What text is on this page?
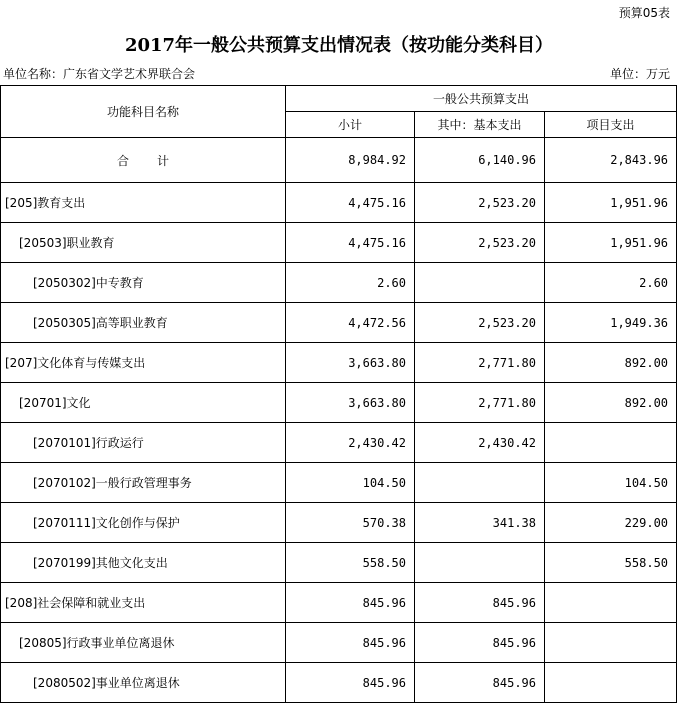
预算05表
2017年一般公共预算支出情况表（按功能分类科目）
单位名称：广东省文学艺术界联合会	单位：万元
功能科目名称	一般公共预算支出		
	小计	其中：基本支出	项目支出
合计	8,984.92	6,140.96	2,843.96
[205]教育支出	4,475.16	2,523.20	1,951.96
[20503]职业教育	4,475.16	2,523.20	1,951.96
[2050302]中专教育	2.60		2.60
[2050305]高等职业教育	4,472.56	2,523.20	1,949.36
[207]文化体育与传媒支出	3,663.80	2,771.80	892.00
[20701]文化	3,663.80	2,771.80	892.00
[2070101]行政运行	2,430.42	2,430.42	
[2070102]一般行政管理事务	104.50		104.50
[2070111]文化创作与保护	570.38	341.38	229.00
[2070199]其他文化支出	558.50		558.50
[208]社会保障和就业支出	845.96	845.96	
[20805]行政事业单位离退休	845.96	845.96	
[2080502]事业单位离退休	845.96	845.96	
